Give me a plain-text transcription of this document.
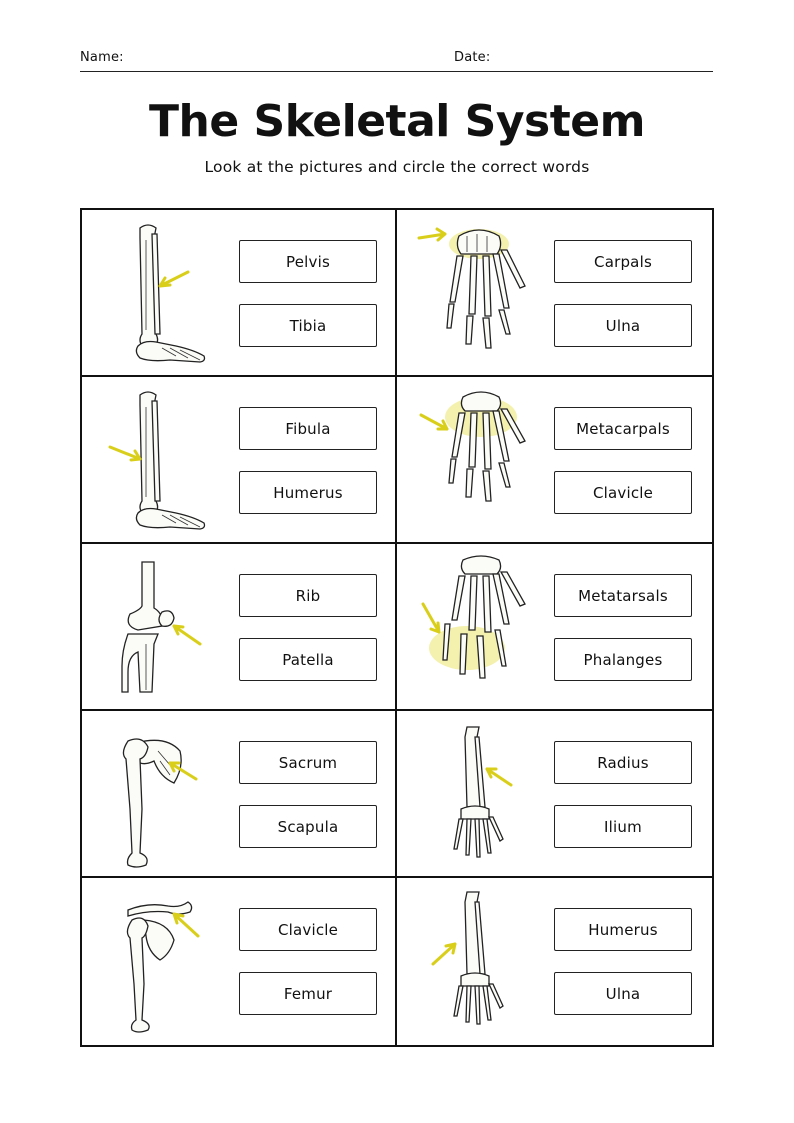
Name:	Date:
The Skeletal System

Look at the pictures and circle the correct words

Pelvis
Tibia
Carpals
Ulna
Fibula
Humerus
Metacarpals
Clavicle
Rib
Patella
Metatarsals
Phalanges
Sacrum
Scapula
Radius
Ilium
Clavicle
Femur
Humerus
Ulna
